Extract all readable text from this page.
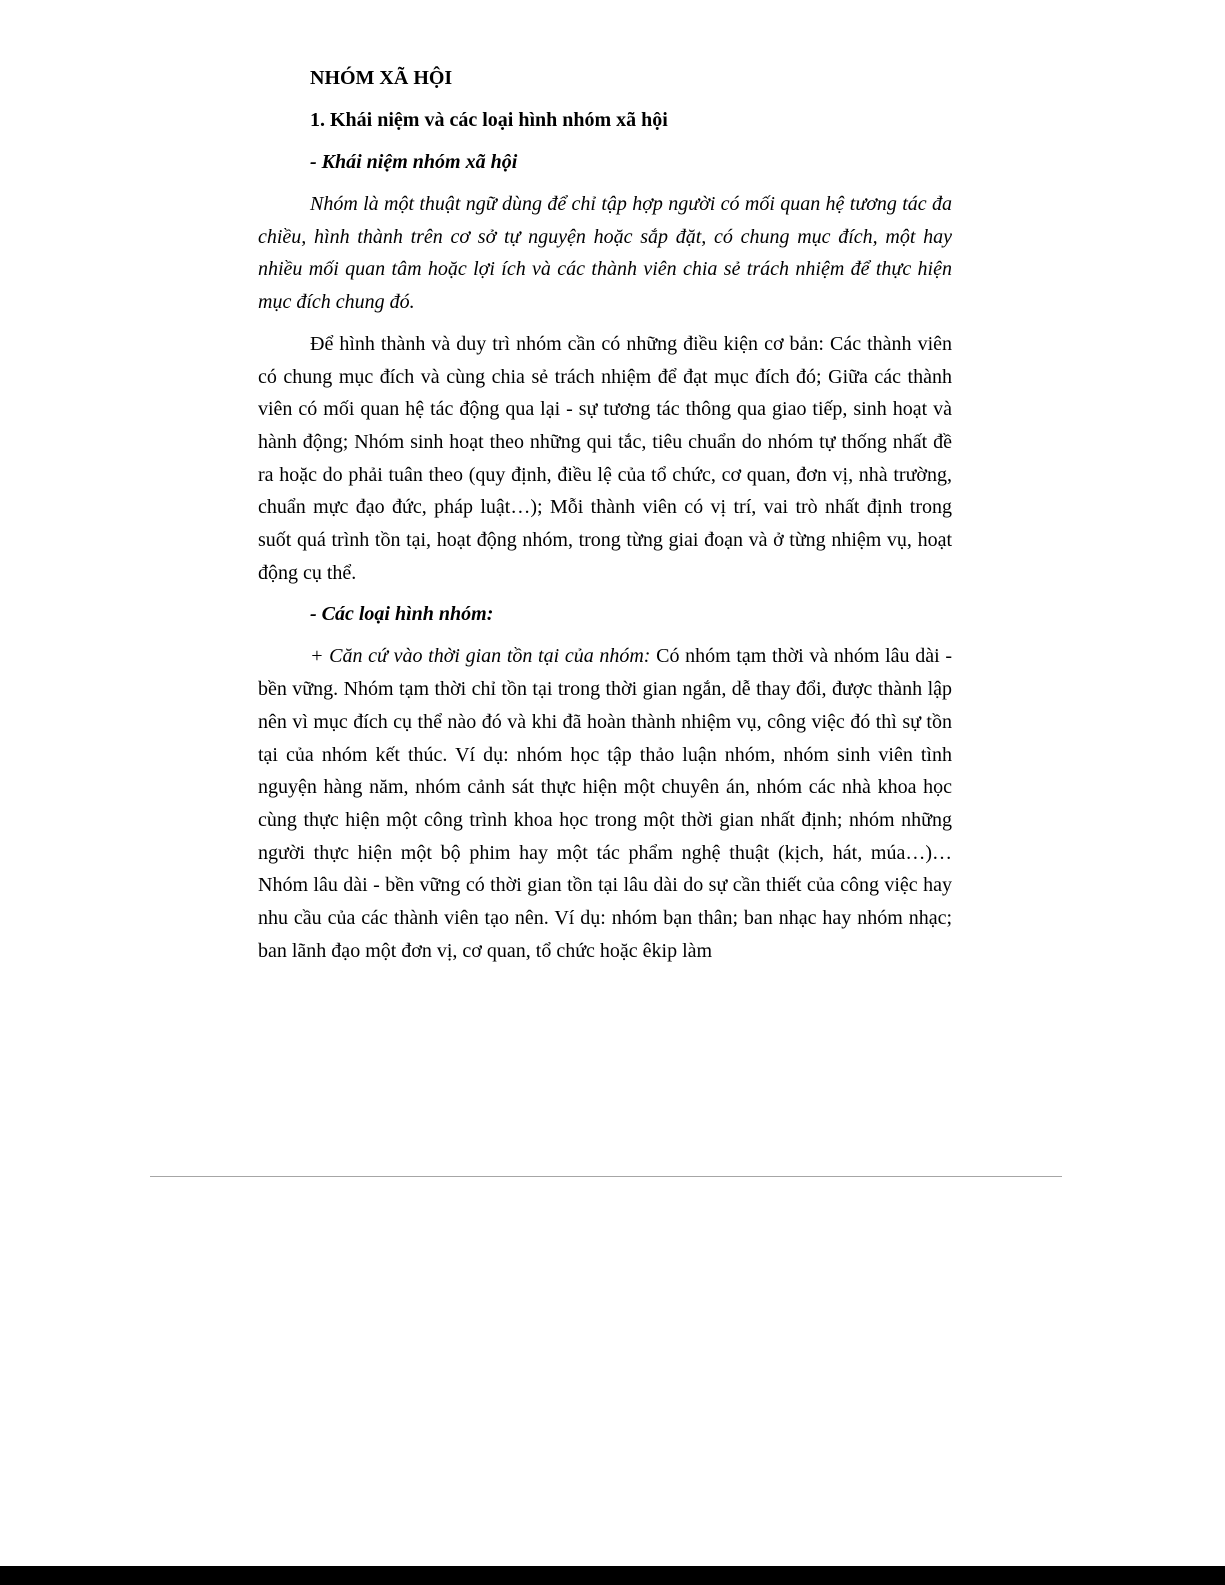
NHÓM XÃ HỘI
1. Khái niệm và các loại hình nhóm xã hội
- Khái niệm nhóm xã hội

Nhóm là một thuật ngữ dùng để chỉ tập hợp người có mối quan hệ tương tác đa chiều, hình thành trên cơ sở tự nguyện hoặc sắp đặt, có chung mục đích, một hay nhiều mối quan tâm hoặc lợi ích và các thành viên chia sẻ trách nhiệm để thực hiện mục đích chung đó.

Để hình thành và duy trì nhóm cần có những điều kiện cơ bản: Các thành viên có chung mục đích và cùng chia sẻ trách nhiệm để đạt mục đích đó; Giữa các thành viên có mối quan hệ tác động qua lại - sự tương tác thông qua giao tiếp, sinh hoạt và hành động; Nhóm sinh hoạt theo những qui tắc, tiêu chuẩn do nhóm tự thống nhất đề ra hoặc do phải tuân theo (quy định, điều lệ của tổ chức, cơ quan, đơn vị, nhà trường, chuẩn mực đạo đức, pháp luật…); Mỗi thành viên có vị trí, vai trò nhất định trong suốt quá trình tồn tại, hoạt động nhóm, trong từng giai đoạn và ở từng nhiệm vụ, hoạt động cụ thể.

- Các loại hình nhóm:

+ Căn cứ vào thời gian tồn tại của nhóm: Có nhóm tạm thời và nhóm lâu dài - bền vững. Nhóm tạm thời chỉ tồn tại trong thời gian ngắn, dễ thay đổi, được thành lập nên vì mục đích cụ thể nào đó và khi đã hoàn thành nhiệm vụ, công việc đó thì sự tồn tại của nhóm kết thúc. Ví dụ: nhóm học tập thảo luận nhóm, nhóm sinh viên tình nguyện hàng năm, nhóm cảnh sát thực hiện một chuyên án, nhóm các nhà khoa học cùng thực hiện một công trình khoa học trong một thời gian nhất định; nhóm những người thực hiện một bộ phim hay một tác phẩm nghệ thuật (kịch, hát, múa…)… Nhóm lâu dài - bền vững có thời gian tồn tại lâu dài do sự cần thiết của công việc hay nhu cầu của các thành viên tạo nên. Ví dụ: nhóm bạn thân; ban nhạc hay nhóm nhạc; ban lãnh đạo một đơn vị, cơ quan, tổ chức hoặc êkip làm
